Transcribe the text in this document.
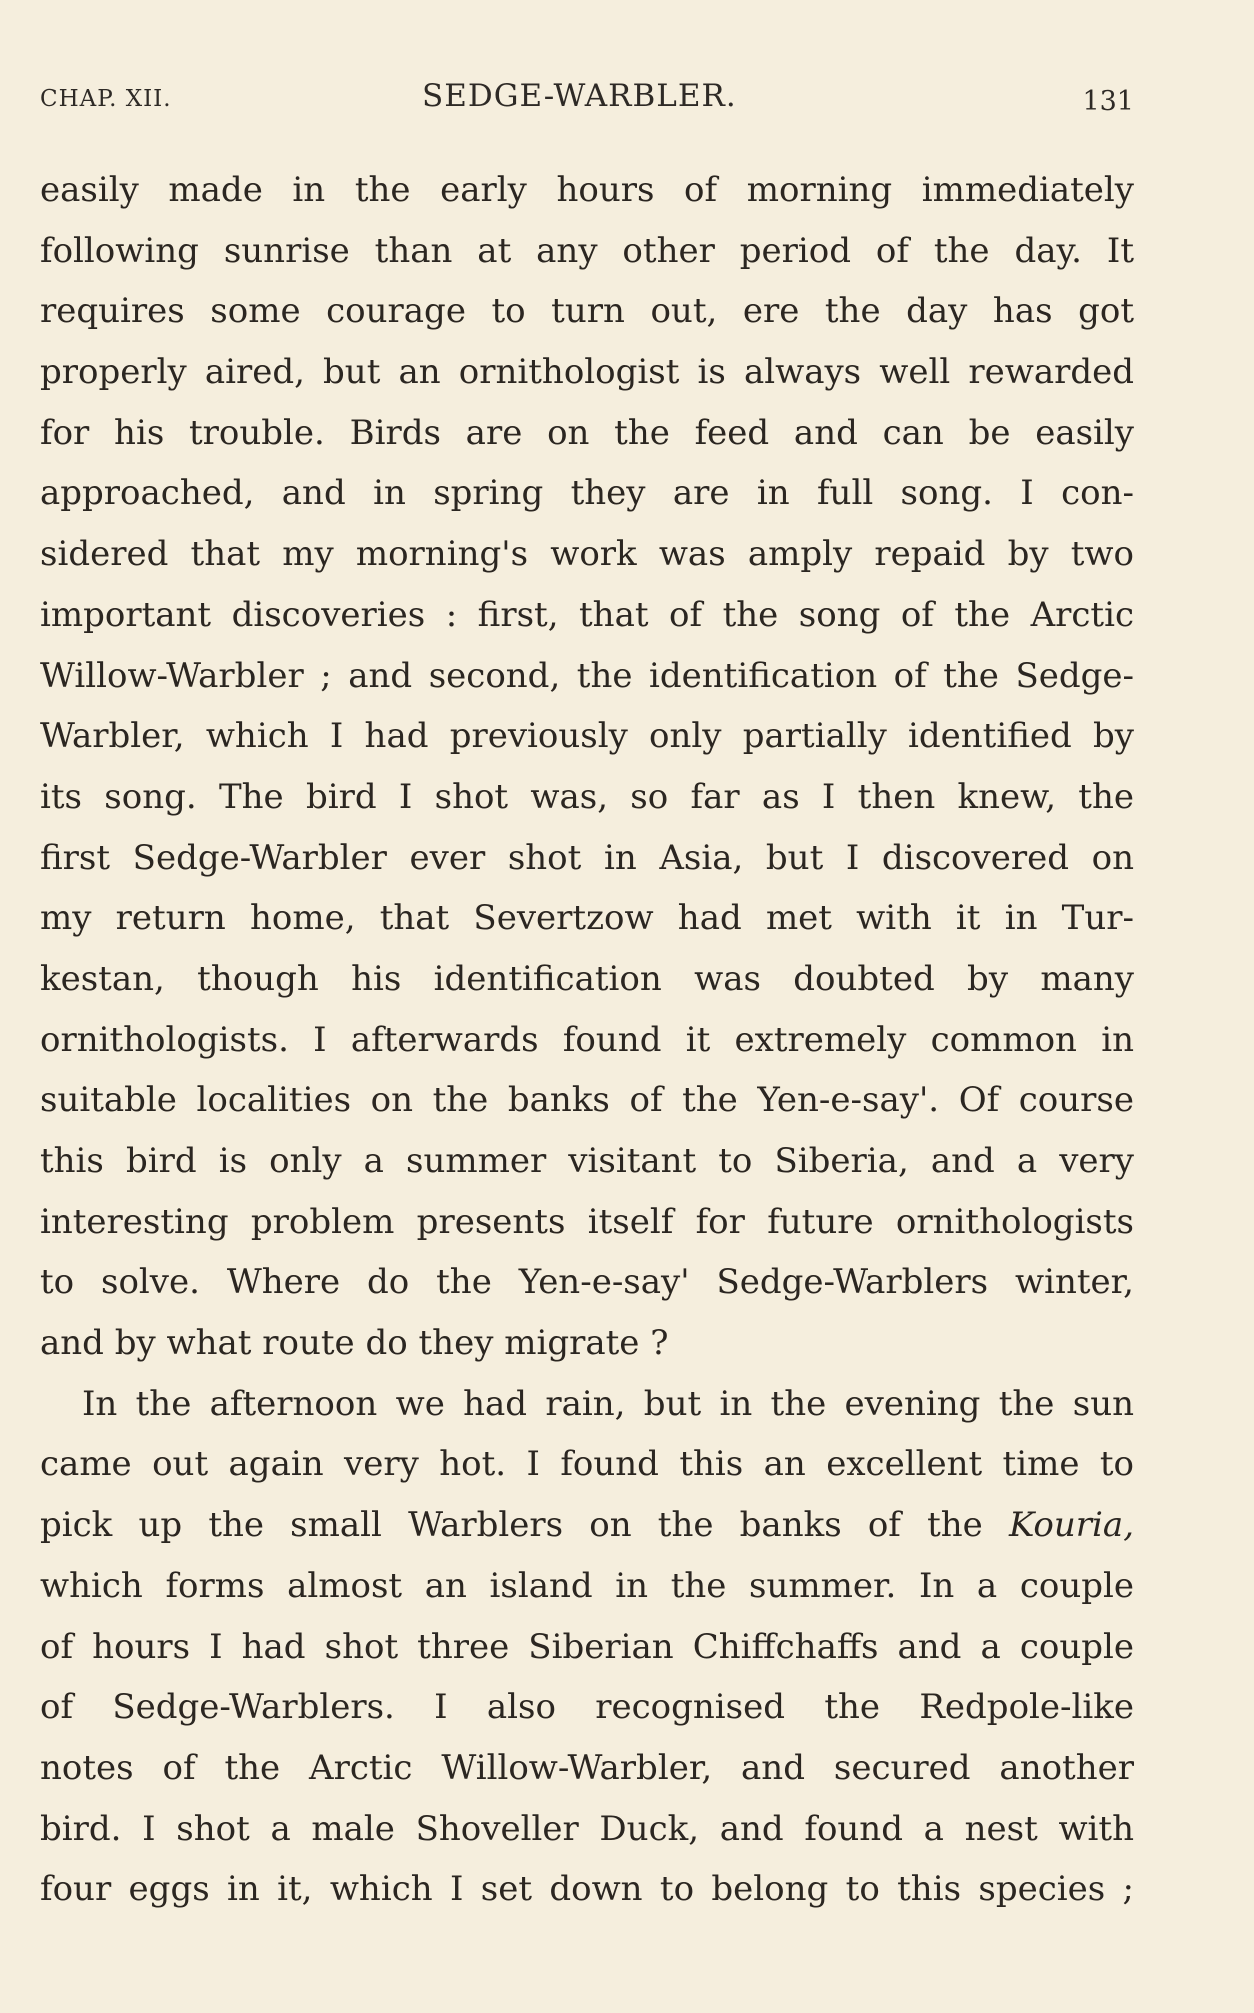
CHAP. XII.	SEDGE-WARBLER.	131
easily made in the early hours of morning immediately
following sunrise than at any other period of the day. It
requires some courage to turn out, ere the day has got
properly aired, but an ornithologist is always well rewarded
for his trouble. Birds are on the feed and can be easily
approached, and in spring they are in full song. I con-
sidered that my morning's work was amply repaid by two
important discoveries : first, that of the song of the Arctic
Willow-Warbler ; and second, the identification of the Sedge-
Warbler, which I had previously only partially identified by
its song. The bird I shot was, so far as I then knew, the
first Sedge-Warbler ever shot in Asia, but I discovered on
my return home, that Severtzow had met with it in Tur-
kestan, though his identification was doubted by many
ornithologists. I afterwards found it extremely common in
suitable localities on the banks of the Yen-e-say'. Of course
this bird is only a summer visitant to Siberia, and a very
interesting problem presents itself for future ornithologists
to solve. Where do the Yen-e-say' Sedge-Warblers winter,
and by what route do they migrate ?
In the afternoon we had rain, but in the evening the sun
came out again very hot. I found this an excellent time to
pick up the small Warblers on the banks of the Kouria,
which forms almost an island in the summer. In a couple
of hours I had shot three Siberian Chiffchaffs and a couple
of Sedge-Warblers. I also recognised the Redpole-like
notes of the Arctic Willow-Warbler, and secured another
bird. I shot a male Shoveller Duck, and found a nest with
four eggs in it, which I set down to belong to this species ;
